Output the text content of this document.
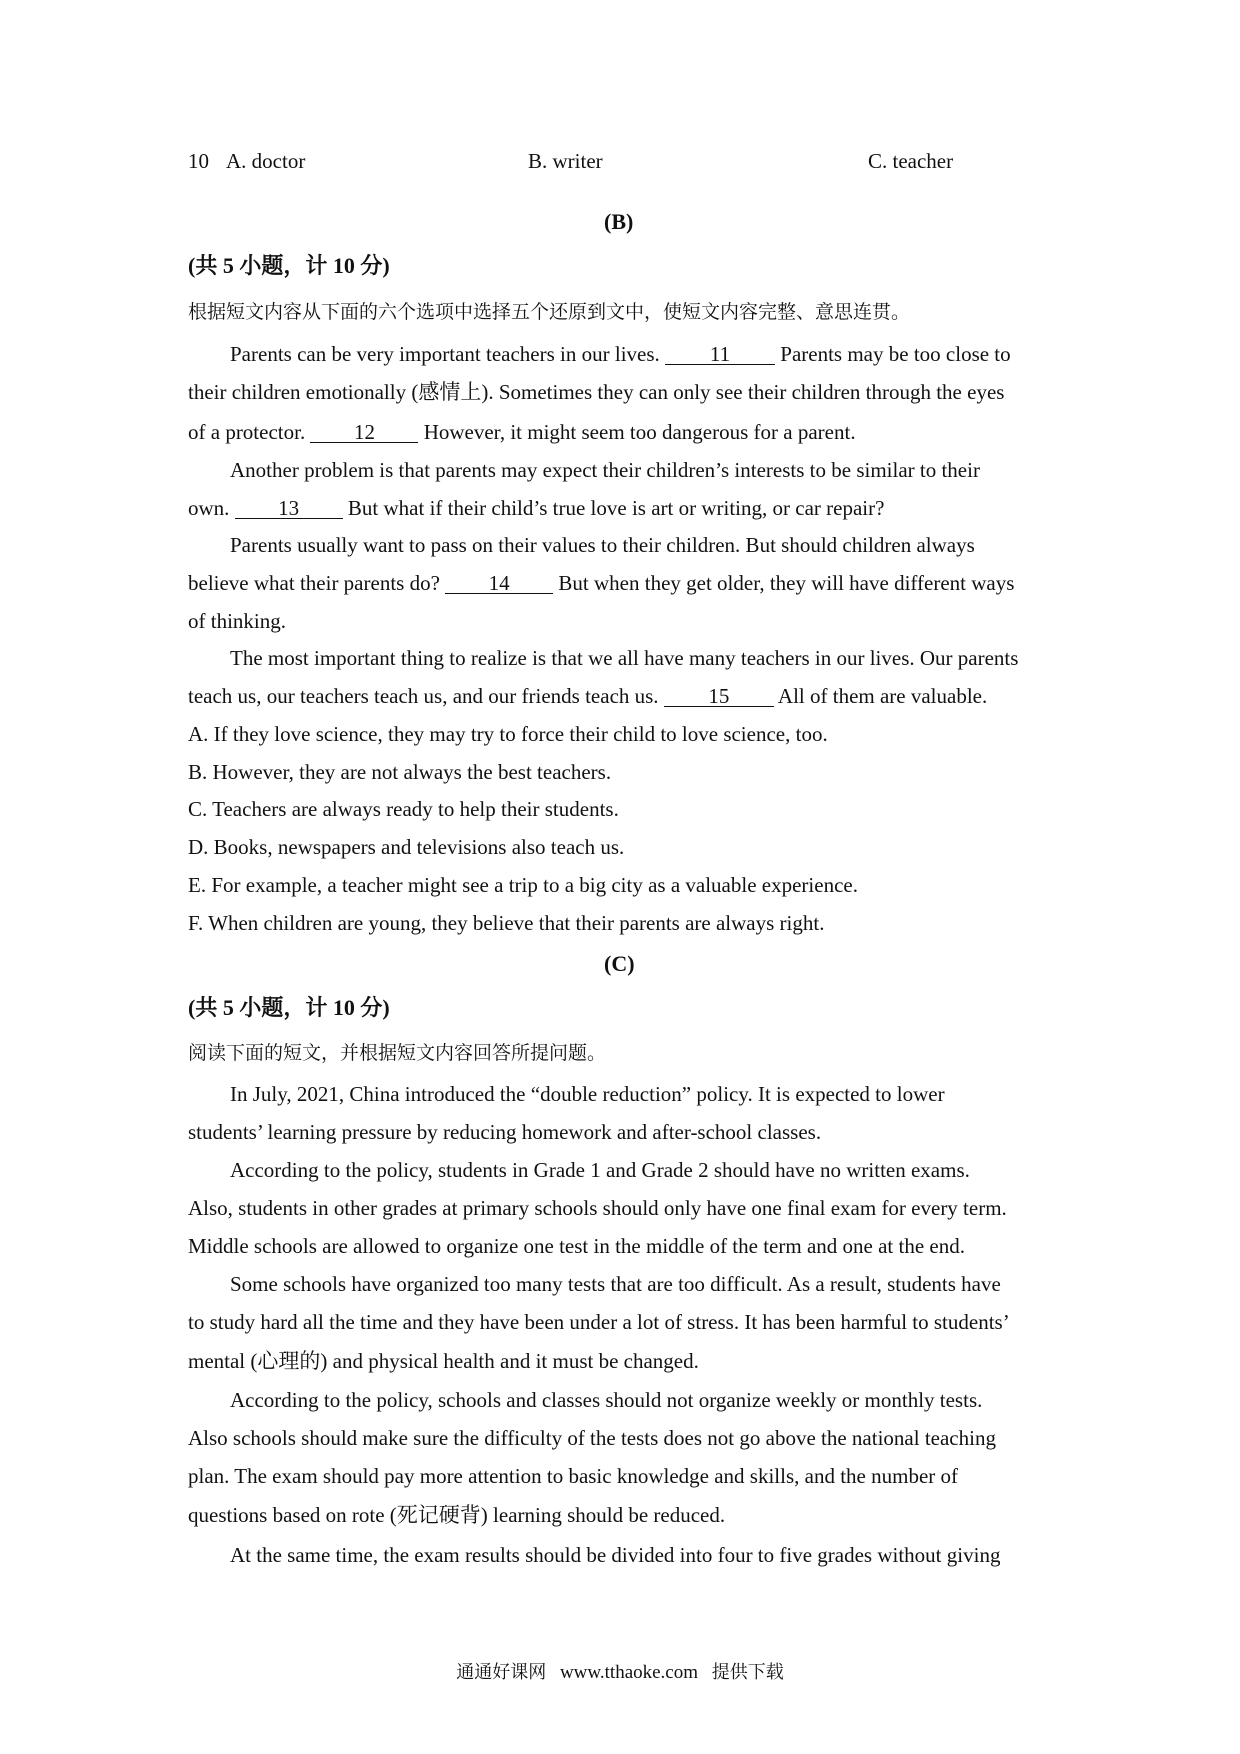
10 A. doctor	B. writer	C. teacher
(B)
(共 5 小题，计 10 分)
根据短文内容从下面的六个选项中选择五个还原到文中，使短文内容完整、意思连贯。
Parents can be very important teachers in our lives. 11 Parents may be too close to
their children emotionally (感情上). Sometimes they can only see their children through the eyes
of a protector. 12 However, it might seem too dangerous for a parent.
Another problem is that parents may expect their children’s interests to be similar to their
own. 13 But what if their child’s true love is art or writing, or car repair?
Parents usually want to pass on their values to their children. But should children always
believe what their parents do? 14 But when they get older, they will have different ways
of thinking.
The most important thing to realize is that we all have many teachers in our lives. Our parents
teach us, our teachers teach us, and our friends teach us. 15 All of them are valuable.
A. If they love science, they may try to force their child to love science, too.
B. However, they are not always the best teachers.
C. Teachers are always ready to help their students.
D. Books, newspapers and televisions also teach us.
E. For example, a teacher might see a trip to a big city as a valuable experience.
F. When children are young, they believe that their parents are always right.
(C)
(共 5 小题，计 10 分)
阅读下面的短文，并根据短文内容回答所提问题。
In July, 2021, China introduced the “double reduction” policy. It is expected to lower
students’ learning pressure by reducing homework and after-school classes.
According to the policy, students in Grade 1 and Grade 2 should have no written exams.
Also, students in other grades at primary schools should only have one final exam for every term.
Middle schools are allowed to organize one test in the middle of the term and one at the end.
Some schools have organized too many tests that are too difficult. As a result, students have
to study hard all the time and they have been under a lot of stress. It has been harmful to students’
mental (心理的) and physical health and it must be changed.
According to the policy, schools and classes should not organize weekly or monthly tests.
Also schools should make sure the difficulty of the tests does not go above the national teaching
plan. The exam should pay more attention to basic knowledge and skills, and the number of
questions based on rote (死记硬背) learning should be reduced.
At the same time, the exam results should be divided into four to five grades without giving
通通好课网 www.tthaoke.com 提供下载
